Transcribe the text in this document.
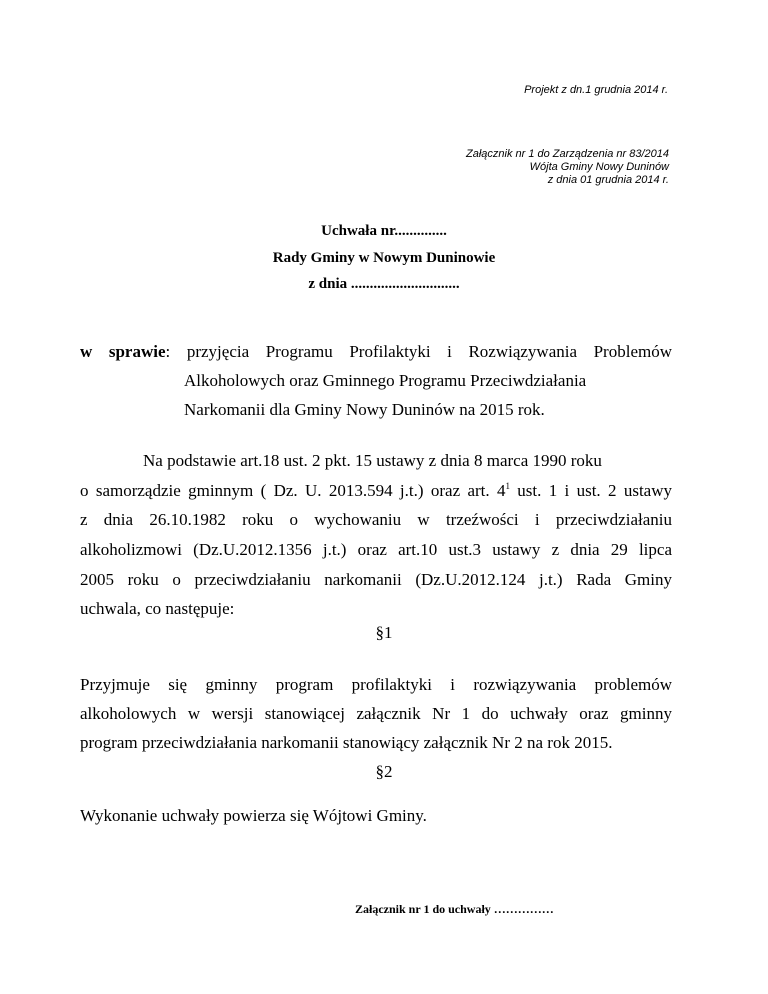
Projekt z dn.1 grudnia 2014 r.
Załącznik nr 1 do Zarządzenia nr 83/2014
Wójta Gminy Nowy Duninów
z dnia 01 grudnia 2014 r.
Uchwała nr..............
Rady Gminy w Nowym Duninowie
z dnia .............................
w sprawie: przyjęcia Programu Profilaktyki i Rozwiązywania Problemów
Alkoholowych oraz Gminnego Programu Przeciwdziałania
Narkomanii dla Gminy Nowy Duninów na 2015 rok.
Na podstawie art.18 ust. 2 pkt. 15 ustawy z dnia 8 marca 1990 roku
o samorządzie gminnym ( Dz. U. 2013.594 j.t.) oraz art. $4^1$ ust. 1 i ust. 2 ustawy
z dnia 26.10.1982 roku o wychowaniu w trzeźwości i przeciwdziałaniu
alkoholizmowi (Dz.U.2012.1356 j.t.) oraz art.10 ust.3 ustawy z dnia 29 lipca
2005 roku o przeciwdziałaniu narkomanii (Dz.U.2012.124 j.t.) Rada Gminy
uchwala, co następuje:
§1
Przyjmuje się gminny program profilaktyki i rozwiązywania problemów
alkoholowych w wersji stanowiącej załącznik Nr 1 do uchwały oraz gminny
program przeciwdziałania narkomanii stanowiący załącznik Nr 2 na rok 2015.
§2
Wykonanie uchwały powierza się Wójtowi Gminy.
Załącznik nr 1 do uchwały ……………
